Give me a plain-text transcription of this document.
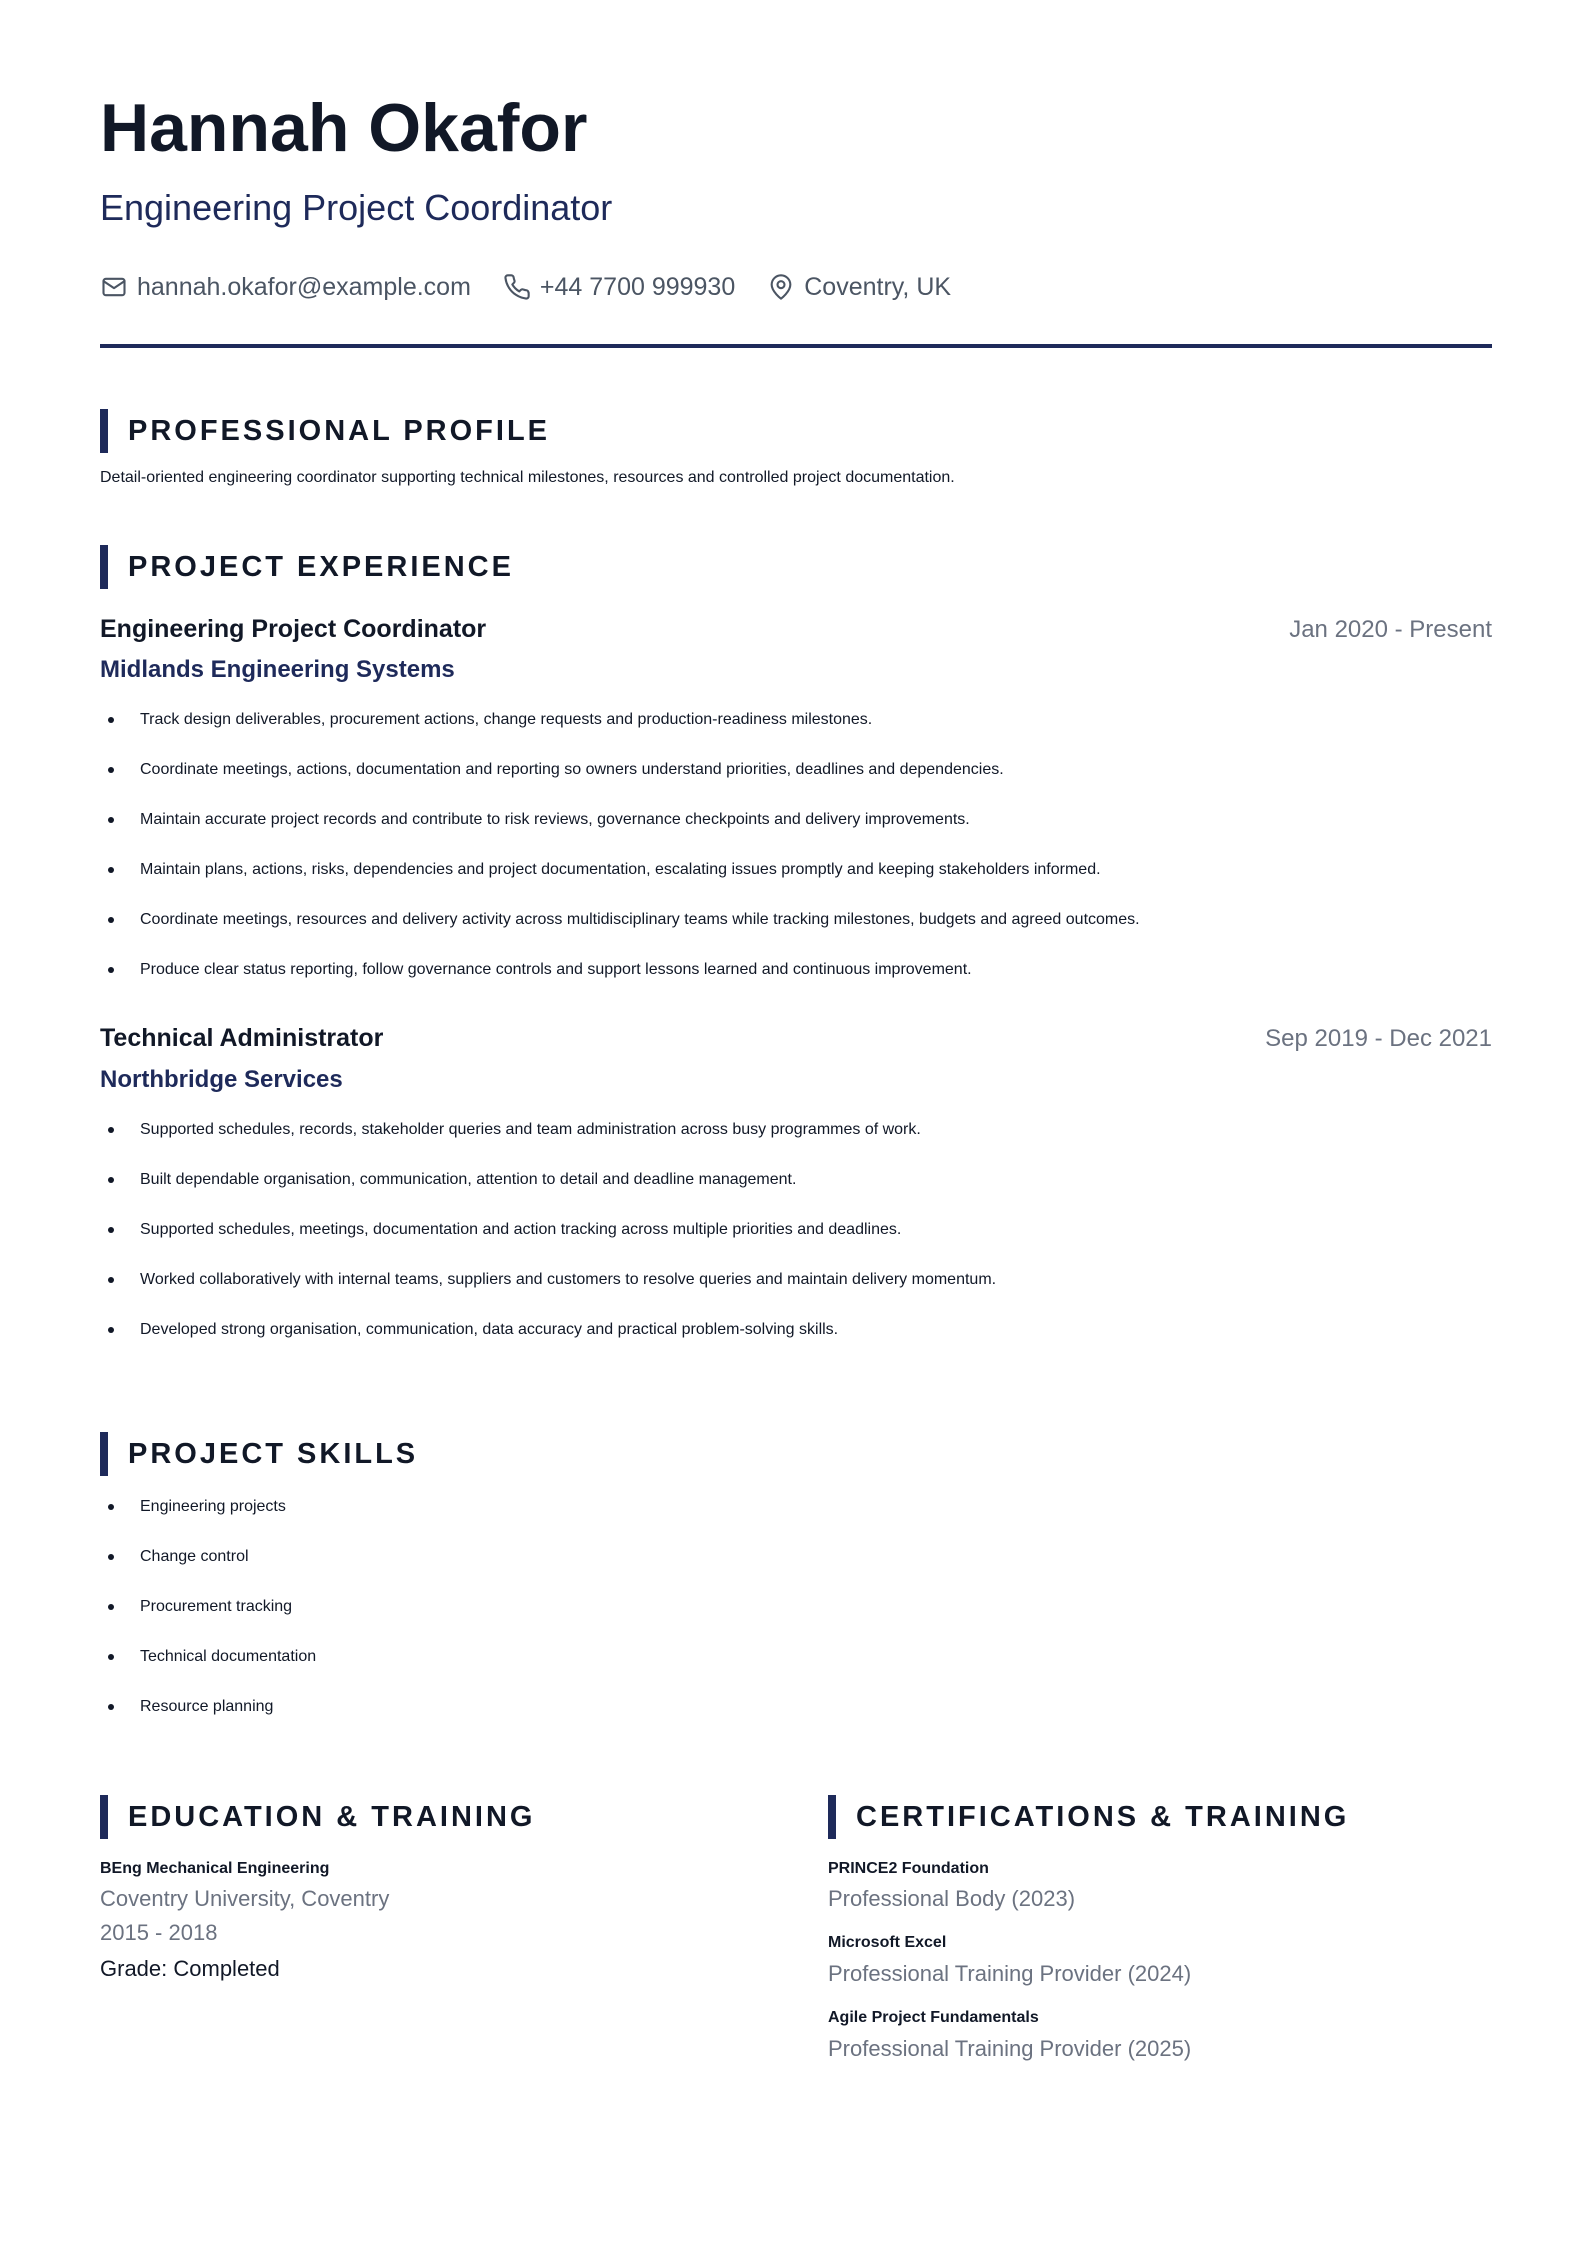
Hannah Okafor
Engineering Project Coordinator
hannah.okafor@example.com	+44 7700 999930	Coventry, UK
PROFESSIONAL PROFILE
Detail-oriented engineering coordinator supporting technical milestones, resources and controlled project documentation.
PROJECT EXPERIENCE
Engineering Project Coordinator	Jan 2020 - Present
Midlands Engineering Systems
Track design deliverables, procurement actions, change requests and production-readiness milestones.
Coordinate meetings, actions, documentation and reporting so owners understand priorities, deadlines and dependencies.
Maintain accurate project records and contribute to risk reviews, governance checkpoints and delivery improvements.
Maintain plans, actions, risks, dependencies and project documentation, escalating issues promptly and keeping stakeholders informed.
Coordinate meetings, resources and delivery activity across multidisciplinary teams while tracking milestones, budgets and agreed outcomes.
Produce clear status reporting, follow governance controls and support lessons learned and continuous improvement.
Technical Administrator	Sep 2019 - Dec 2021
Northbridge Services
Supported schedules, records, stakeholder queries and team administration across busy programmes of work.
Built dependable organisation, communication, attention to detail and deadline management.
Supported schedules, meetings, documentation and action tracking across multiple priorities and deadlines.
Worked collaboratively with internal teams, suppliers and customers to resolve queries and maintain delivery momentum.
Developed strong organisation, communication, data accuracy and practical problem-solving skills.
PROJECT SKILLS
Engineering projects
Change control
Procurement tracking
Technical documentation
Resource planning
EDUCATION & TRAINING
BEng Mechanical Engineering
Coventry University, Coventry
2015 - 2018
Grade: Completed
CERTIFICATIONS & TRAINING
PRINCE2 Foundation
Professional Body (2023)
Microsoft Excel
Professional Training Provider (2024)
Agile Project Fundamentals
Professional Training Provider (2025)
